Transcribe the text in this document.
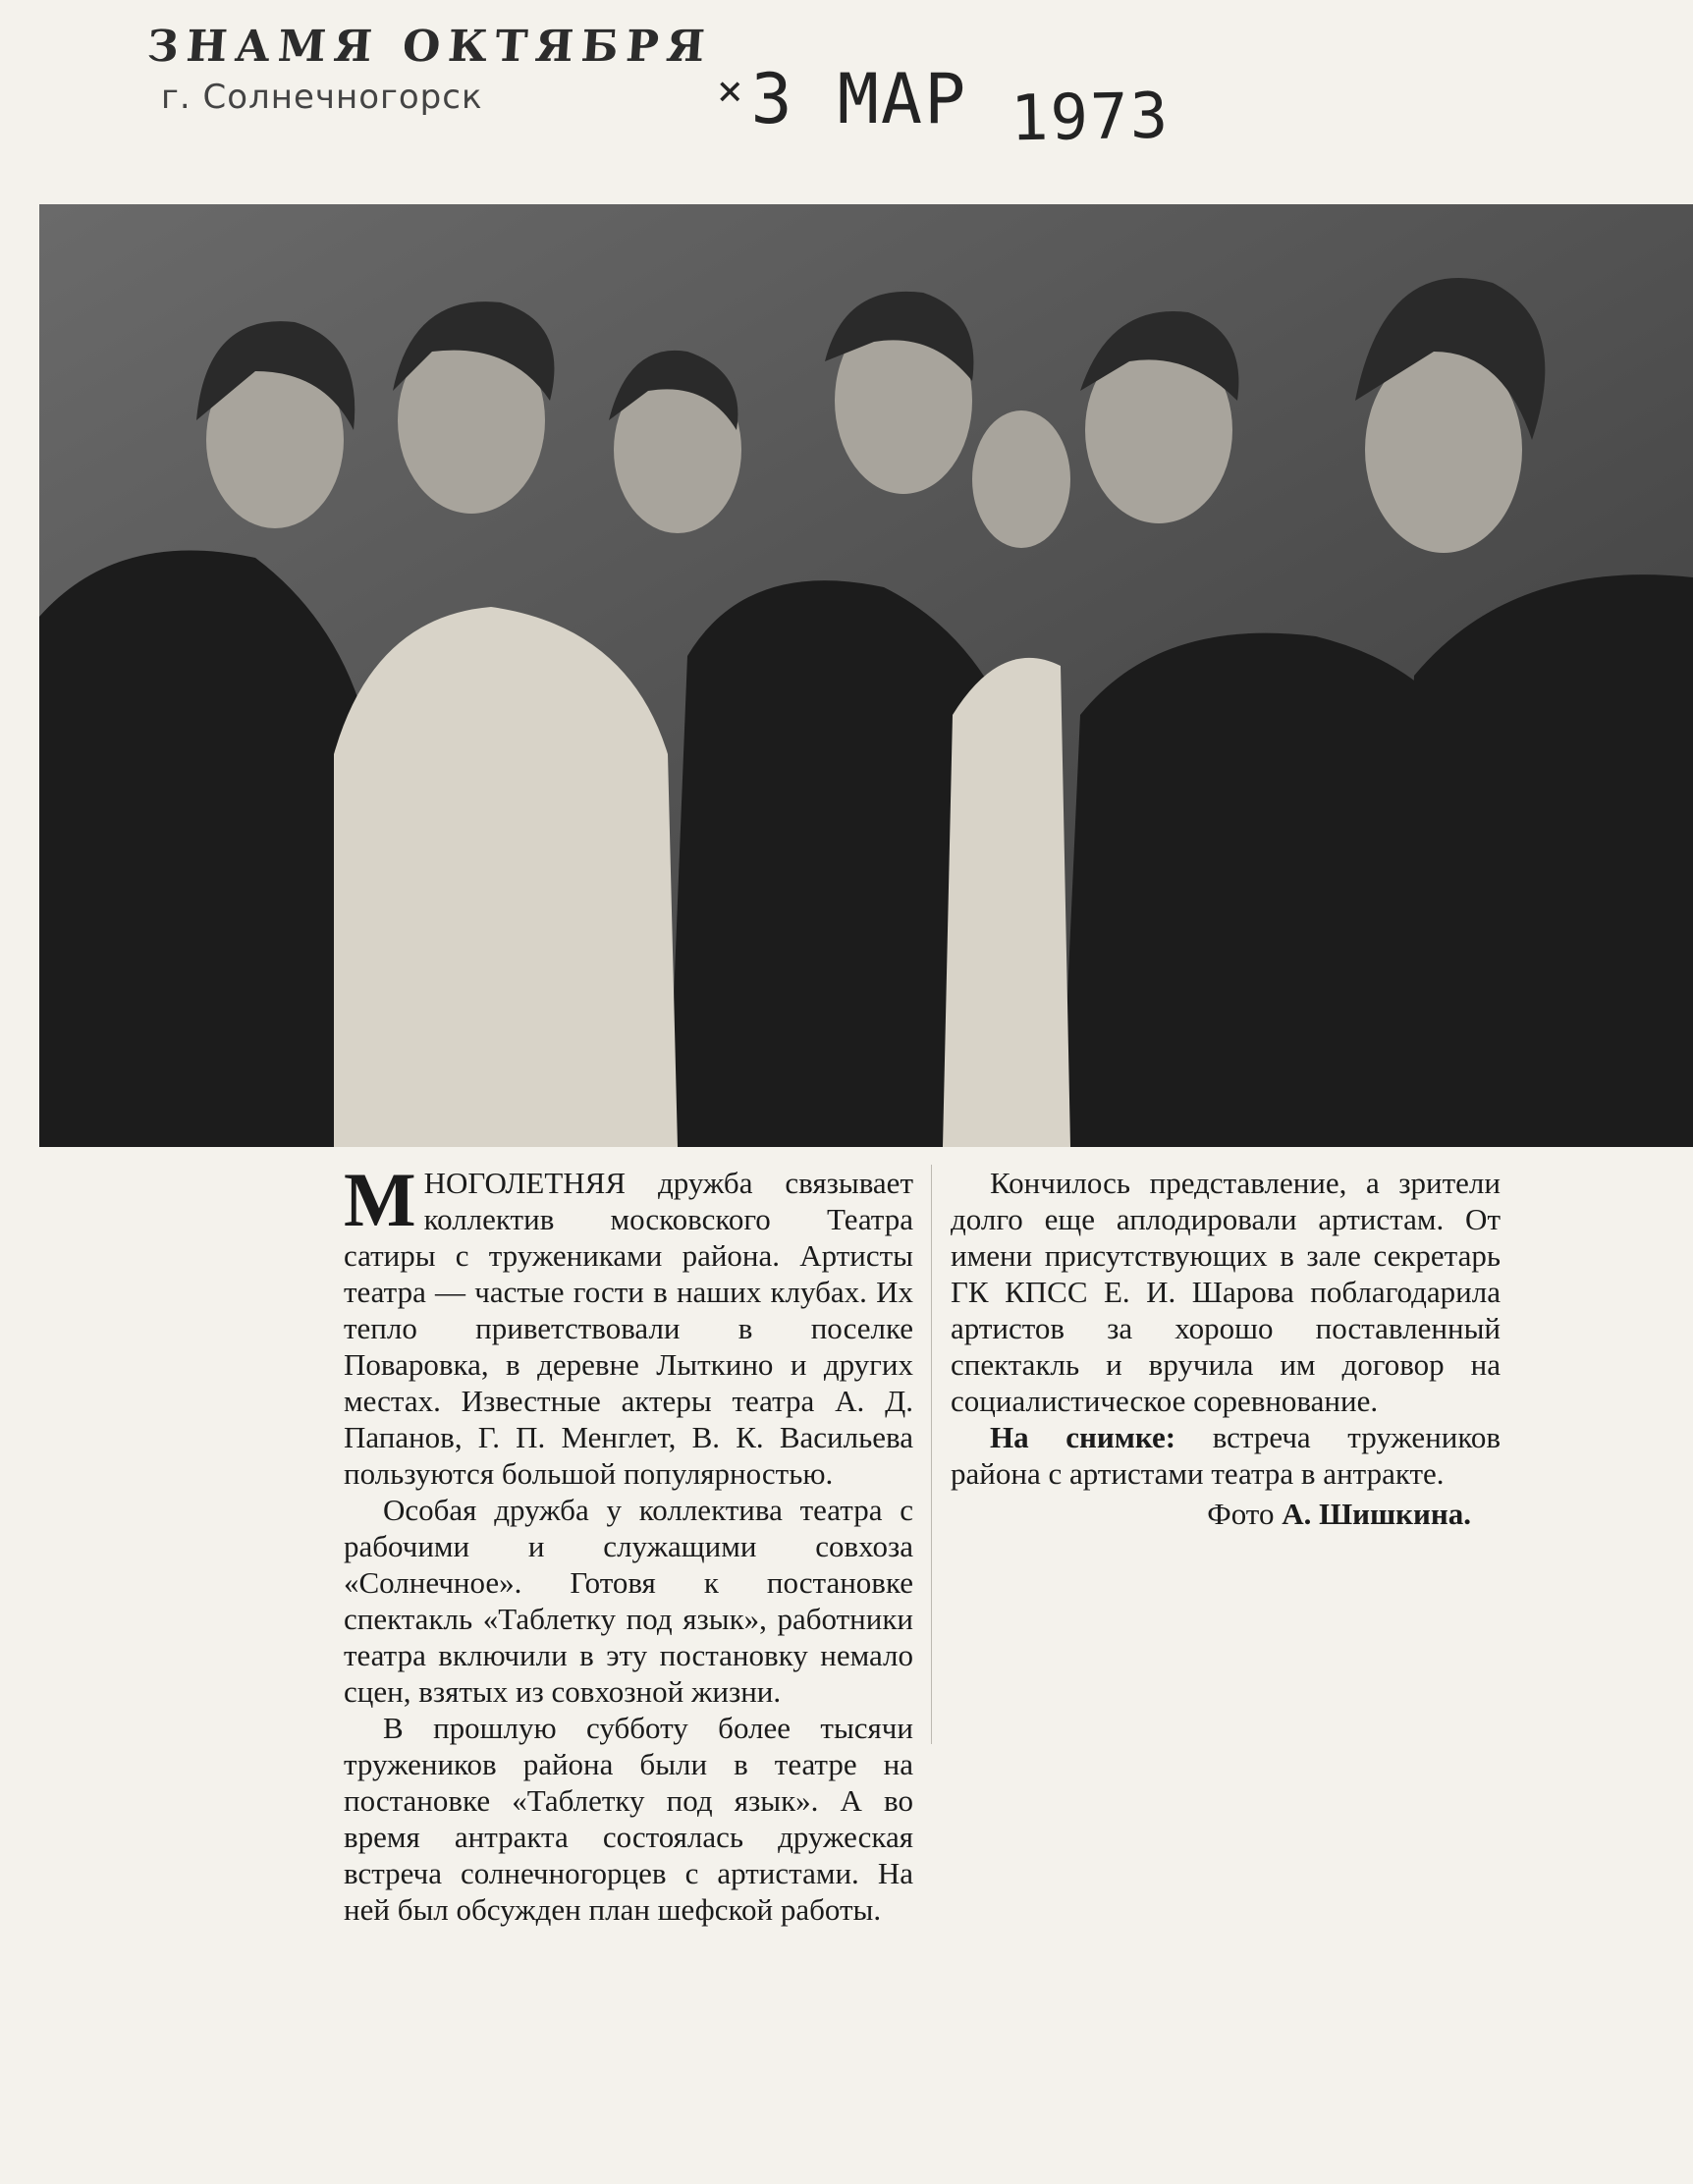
ЗНАМЯ ОКТЯБРЯ
г. Солнечногорск	×3 МАР 1973

МНОГОЛЕТНЯЯ дружба связывает коллектив московского Театра сатиры с тружениками района. Артисты театра — частые гости в наших клубах. Их тепло приветствовали в поселке Поваровка, в деревне Лыткино и других местах. Известные актеры театра А. Д. Папанов, Г. П. Менглет, В. К. Васильева пользуются большой популярностью.

Особая дружба у коллектива театра с рабочими и служащими совхоза «Солнечное». Готовя к постановке спектакль «Таблетку под язык», работники театра включили в эту постановку немало сцен, взятых из совхозной жизни.

В прошлую субботу более тысячи тружеников района были в театре на постановке «Таблетку под язык». А во время антракта состоялась дружеская встреча солнечногорцев с артистами. На ней был обсужден план шефской работы.

Кончилось представление, а зрители долго еще аплодировали артистам. От имени присутствующих в зале секретарь ГК КПСС Е. И. Шарова поблагодарила артистов за хорошо поставленный спектакль и вручила им договор на социалистическое соревнование.

На снимке: встреча тружеников района с артистами театра в антракте.

Фото А. Шишкина.
